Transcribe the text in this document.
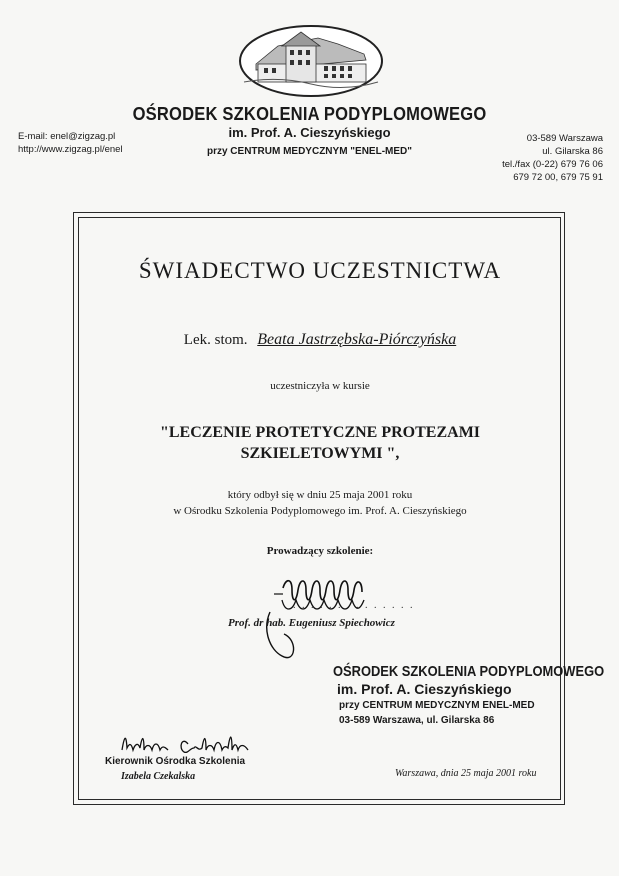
OŚRODEK SZKOLENIA PODYPLOMOWEGO
im. Prof. A. Cieszyńskiego
przy CENTRUM MEDYCZNYM "ENEL-MED"
E-mail: enel@zigzag.pl
http://www.zigzag.pl/enel
03-589 Warszawa
ul. Gilarska 86
tel./fax (0-22) 679 76 06
679 72 00, 679 75 91
ŚWIADECTWO UCZESTNICTWA
Lek. stom. Beata Jastrzębska-Piórczyńska
uczestniczyła w kursie
"LECZENIE PROTETYCZNE PROTEZAMI
SZKIELETOWYMI ",
który odbył się w dniu 25 maja 2001 roku
w Ośrodku Szkolenia Podyplomowego im. Prof. A. Cieszyńskiego
Prowadzący szkolenie:
. . . . . . . . . . . . . . .
Prof. dr hab. Eugeniusz Spiechowicz
OŚRODEK SZKOLENIA PODYPLOMOWEGO
im. Prof. A. Cieszyńskiego
przy CENTRUM MEDYCZNYM ENEL-MED
03-589 Warszawa, ul. Gilarska 86
Kierownik Ośrodka Szkolenia
Izabela Czekalska	Warszawa, dnia 25 maja 2001 roku
